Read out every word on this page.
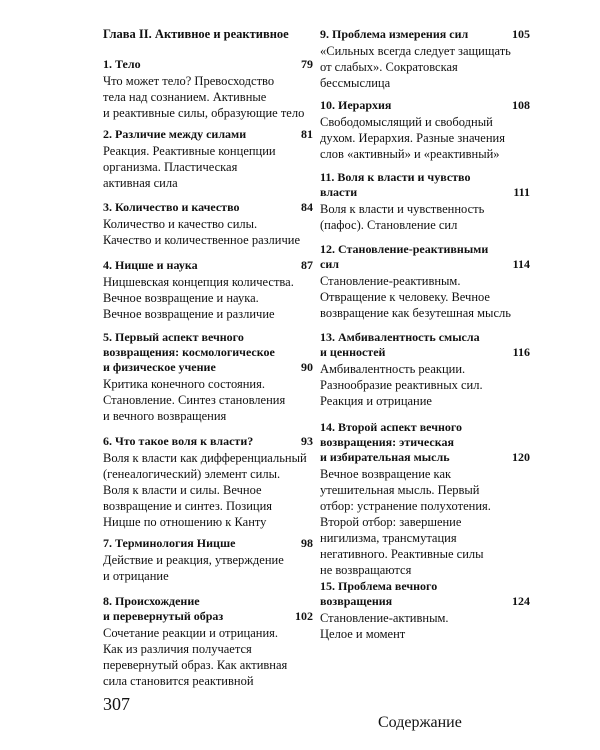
Глава II. Активное и реактивное
1. Тело	79
Что может тело? Превосходство
тела над сознанием. Активные
и реактивные силы, образующие тело
2. Различие между силами	81
Реакция. Реактивные концепции
организма. Пластическая
активная сила
3. Количество и качество	84
Количество и качество силы.
Качество и количественное различие
4. Ницше и наука	87
Ницшевская концепция количества.
Вечное возвращение и наука.
Вечное возвращение и различие
5. Первый аспект вечного
возвращения: космологическое
и физическое учение	90
Критика конечного состояния.
Становление. Синтез становления
и вечного возвращения
6. Что такое воля к власти?	93
Воля к власти как дифференциальный
(генеалогический) элемент силы.
Воля к власти и силы. Вечное
возвращение и синтез. Позиция
Ницше по отношению к Канту
7. Терминология Ницше	98
Действие и реакция, утверждение
и отрицание
8. Происхождение
и перевернутый образ	102
Сочетание реакции и отрицания.
Как из различия получается
перевернутый образ. Как активная
сила становится реактивной
9. Проблема измерения сил	105
«Сильных всегда следует защищать
от слабых». Сократовская
бессмыслица
10. Иерархия	108
Свободомыслящий и свободный
духом. Иерархия. Разные значения
слов «активный» и «реактивный»
11. Воля к власти и чувство
власти	111
Воля к власти и чувственность
(пафос). Становление сил
12. Становление-реактивными
сил	114
Становление-реактивным.
Отвращение к человеку. Вечное
возвращение как безутешная мысль
13. Амбивалентность смысла
и ценностей	116
Амбивалентность реакции.
Разнообразие реактивных сил.
Реакция и отрицание
14. Второй аспект вечного
возвращения: этическая
и избирательная мысль	120
Вечное возвращение как
утешительная мысль. Первый
отбор: устранение полухотения.
Второй отбор: завершение
нигилизма, трансмутация
негативного. Реактивные силы
не возвращаются
15. Проблема вечного
возвращения	124
Становление-активным.
Целое и момент
307
Содержание
